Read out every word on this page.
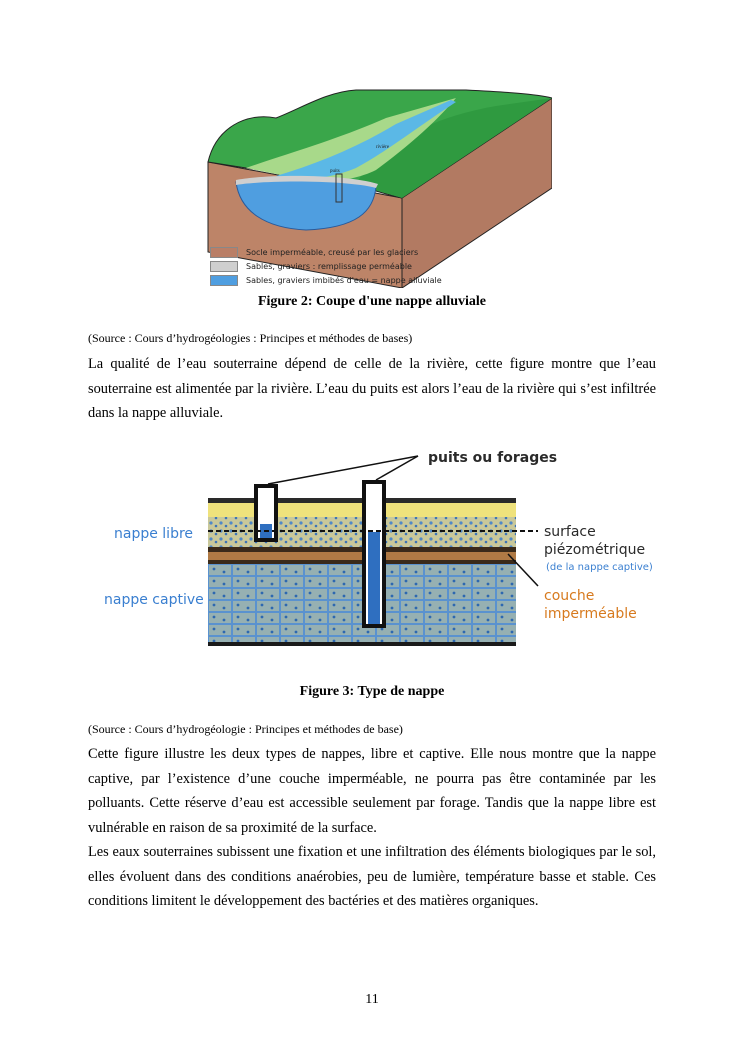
puits
rivière
Socle imperméable, creusé par les glaciers
Sables, graviers : remplissage perméable
Sables, graviers imbibés d'eau = nappe alluviale
Figure 2: Coupe d'une nappe alluviale
(Source : Cours d’hydrogéologies : Principes et méthodes de bases)

La qualité de l’eau souterraine dépend de celle de la rivière, cette figure montre que l’eau souterraine est alimentée par la rivière. L’eau du puits est alors l’eau de la rivière qui s’est infiltrée dans la nappe alluviale.

puits ou forages
nappe libre
nappe captive
surface
piézométrique
(de la nappe captive)
couche
imperméable
Figure 3: Type de nappe
(Source : Cours d’hydrogéologie : Principes et méthodes de base)

Cette figure illustre les deux types de nappes, libre et captive. Elle nous montre que la nappe captive, par l’existence d’une couche imperméable, ne pourra pas être contaminée par les polluants. Cette réserve d’eau est accessible seulement par forage. Tandis que la nappe libre est vulnérable en raison de sa proximité de la surface.

Les eaux souterraines subissent une fixation et une infiltration des éléments biologiques par le sol, elles évoluent dans des conditions anaérobies, peu de lumière, température basse et stable. Ces conditions limitent le développement des bactéries et des matières organiques.

11
